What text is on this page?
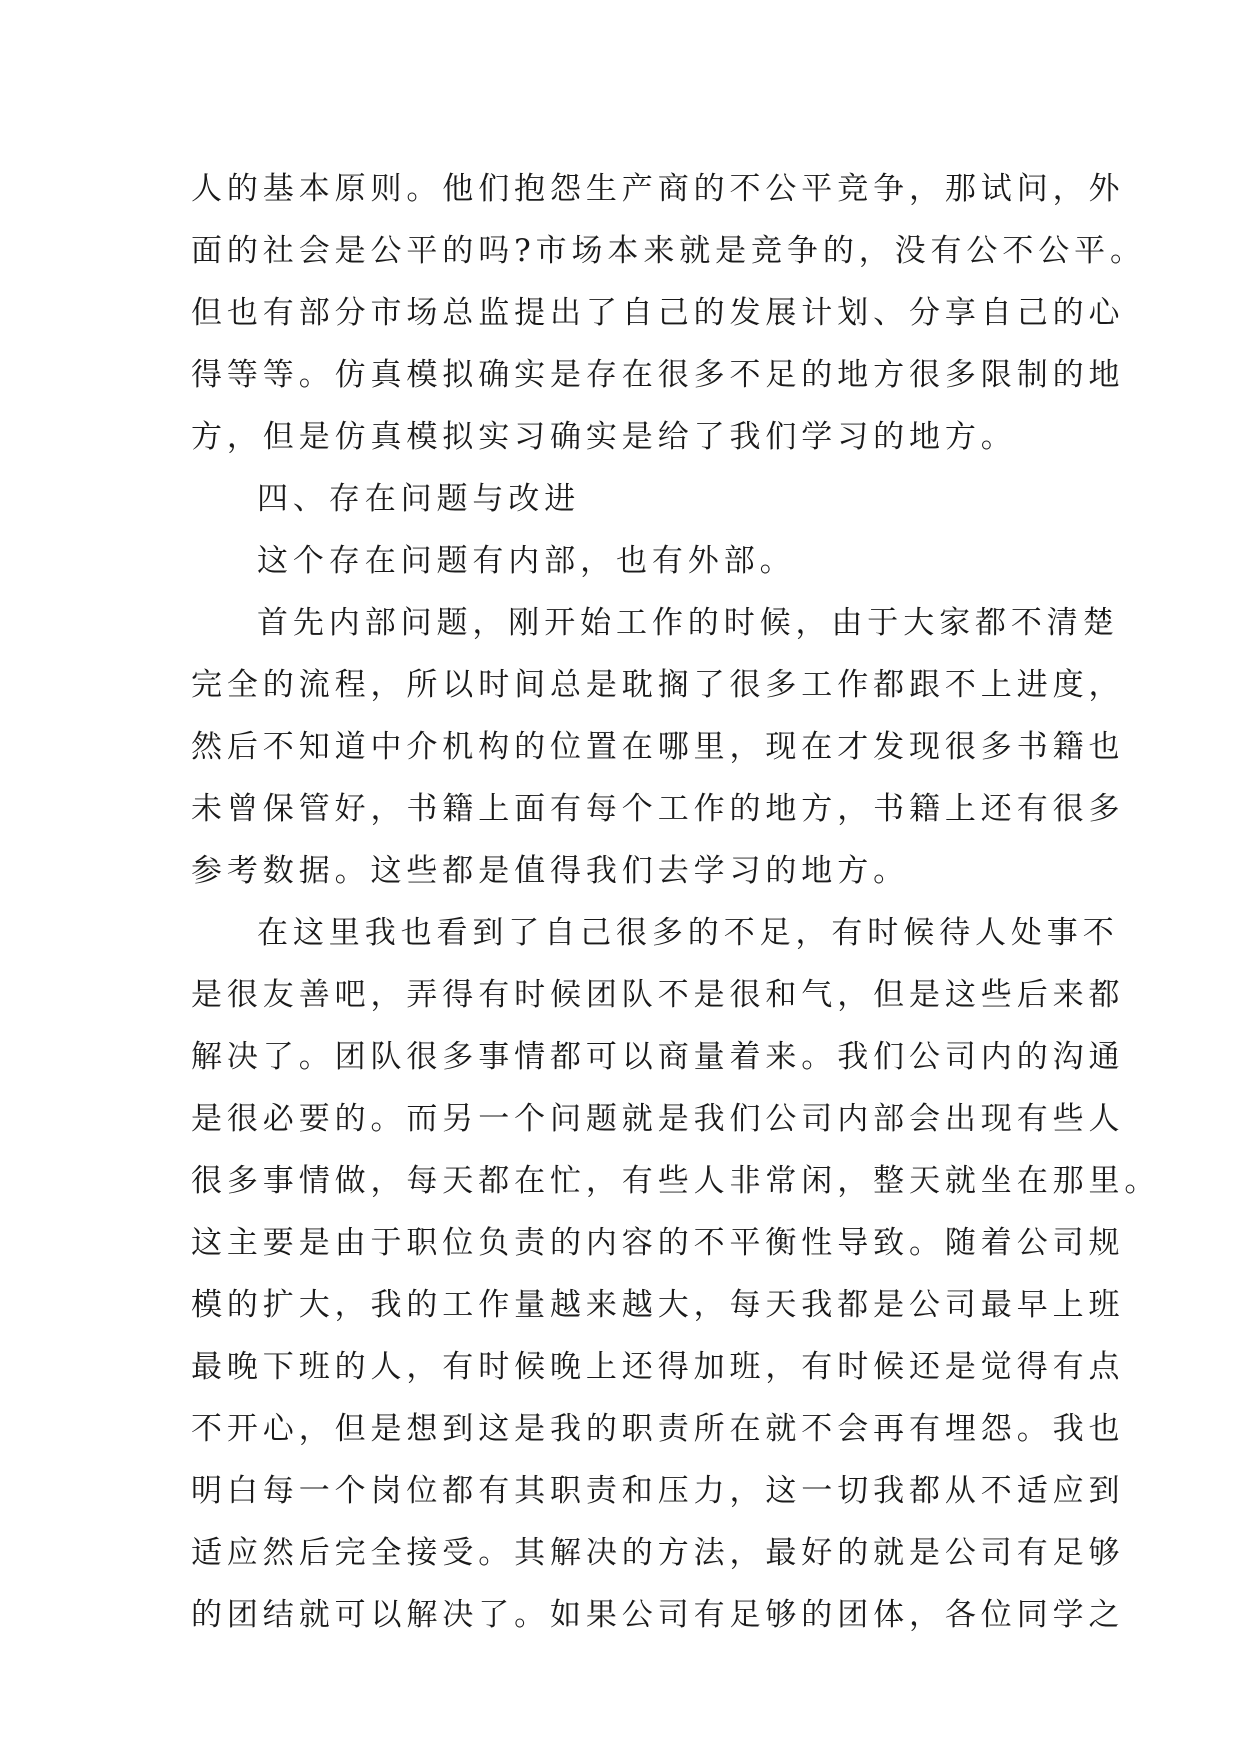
人的基本原则。他们抱怨生产商的不公平竞争，那试问，外
面的社会是公平的吗?市场本来就是竞争的，没有公不公平。
但也有部分市场总监提出了自己的发展计划、分享自己的心
得等等。仿真模拟确实是存在很多不足的地方很多限制的地
方，但是仿真模拟实习确实是给了我们学习的地方。
四、存在问题与改进
这个存在问题有内部，也有外部。
首先内部问题，刚开始工作的时候，由于大家都不清楚
完全的流程，所以时间总是耽搁了很多工作都跟不上进度，
然后不知道中介机构的位置在哪里，现在才发现很多书籍也
未曾保管好，书籍上面有每个工作的地方，书籍上还有很多
参考数据。这些都是值得我们去学习的地方。
在这里我也看到了自己很多的不足，有时候待人处事不
是很友善吧，弄得有时候团队不是很和气，但是这些后来都
解决了。团队很多事情都可以商量着来。我们公司内的沟通
是很必要的。而另一个问题就是我们公司内部会出现有些人
很多事情做，每天都在忙，有些人非常闲，整天就坐在那里。
这主要是由于职位负责的内容的不平衡性导致。随着公司规
模的扩大，我的工作量越来越大，每天我都是公司最早上班
最晚下班的人，有时候晚上还得加班，有时候还是觉得有点
不开心，但是想到这是我的职责所在就不会再有埋怨。我也
明白每一个岗位都有其职责和压力，这一切我都从不适应到
适应然后完全接受。其解决的方法，最好的就是公司有足够
的团结就可以解决了。如果公司有足够的团体，各位同学之
